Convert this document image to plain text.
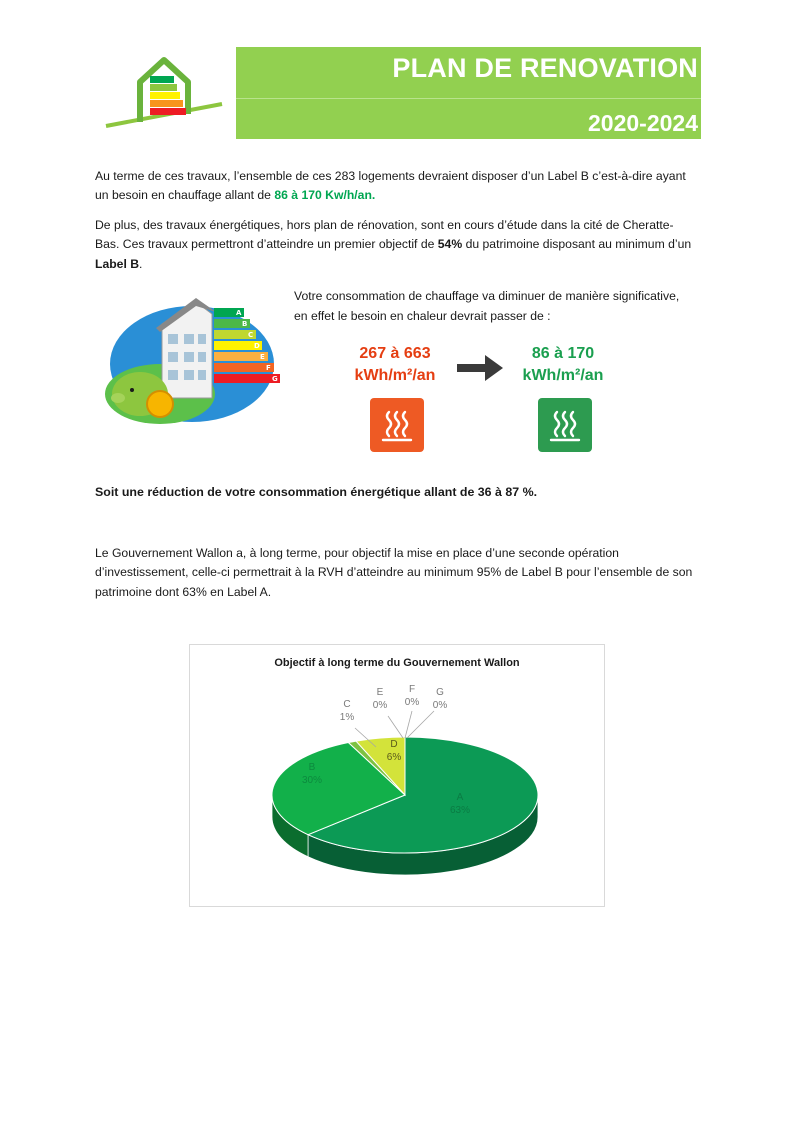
PLAN DE RENOVATION
2020-2024

Au terme de ces travaux, l’ensemble de ces 283 logements devraient disposer d’un Label B c’est-à-dire ayant un besoin en chauffage allant de 86 à 170 Kw/h/an.

De plus, des travaux énergétiques, hors plan de rénovation, sont en cours d’étude dans la cité de Cheratte-Bas. Ces travaux permettront d’atteindre un premier objectif de 54% du patrimoine disposant au minimum d’un Label B.

A
B
C
D
E
F
G

Votre consommation de chauffage va diminuer de manière significative, en effet le besoin en chaleur devrait passer de :

267 à 663
kWh/m²/an
86 à 170
kWh/m²/an

Soit une réduction de votre consommation énergétique allant de 36 à 87 %.

Le Gouvernement Wallon a, à long terme, pour objectif la mise en place d’une seconde opération d’investissement, celle-ci permettrait à la RVH d’atteindre au minimum 95% de Label B pour l’ensemble de son patrimoine dont 63% en Label A.

Objectif à long terme du Gouvernement Wallon
A
63%
B
30%
C
1%
D
6%
E
0%
F
0%
G
0%
